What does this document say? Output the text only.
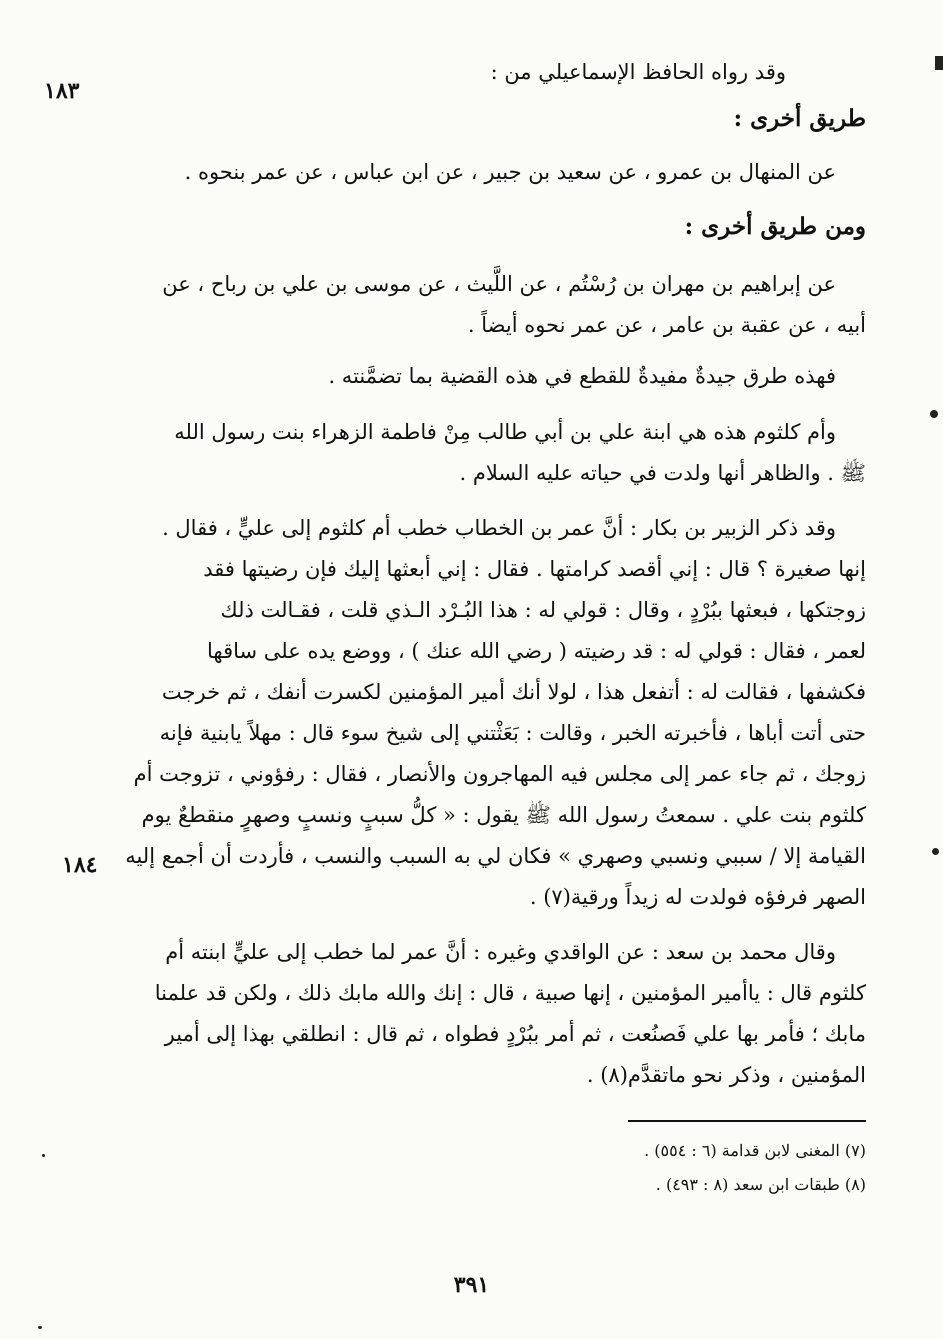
١٨٣
١٨٤
وقد رواه الحافظ الإسماعيلي من :
طريق أخرى :
عن المنهال بن عمرو ، عن سعيد بن جبير ، عن ابن عباس ، عن عمر بنحوه .
ومن طريق أخرى :
عن إبراهيم بن مهران بن رُسْتُم ، عن اللَّيث ، عن موسى بن علي بن رباح ، عن
أبيه ، عن عقبة بن عامر ، عن عمر نحوه أيضاً .
فهذه طرق جيدةٌ مفيدةٌ للقطع في هذه القضية بما تضمَّنته .
وأم كلثوم هذه هي ابنة علي بن أبي طالب مِنْ فاطمة الزهراء بنت رسول الله
ﷺ . والظاهر أنها ولدت في حياته عليه السلام .
وقد ذكر الزبير بن بكار : أنَّ عمر بن الخطاب خطب أم كلثوم إلى عليٍّ ، فقال .
إنها صغيرة ؟ قال : إني أقصد كرامتها . فقال : إني أبعثها إليك فإن رضيتها فقد
زوجتكها ، فبعثها ببُرْدٍ ، وقال : قولي له : هذا البُـرْد الـذي قلت ، فقـالت ذلك
لعمر ، فقال : قولي له : قد رضيته ( رضي الله عنك ) ، ووضع يده على ساقها
فكشفها ، فقالت له : أتفعل هذا ، لولا أنك أمير المؤمنين لكسرت أنفك ، ثم خرجت
حتى أتت أباها ، فأخبرته الخبر ، وقالت : بَعَثْتني إلى شيخ سوء قال : مهلاً يابنية فإنه
زوجك ، ثم جاء عمر إلى مجلس فيه المهاجرون والأنصار ، فقال : رفؤوني ، تزوجت أم
كلثوم بنت علي . سمعتُ رسول الله ﷺ يقول : « كلُّ سببٍ ونسبٍ وصهرٍ منقطعٌ يوم
القيامة إلا / سببي ونسبي وصهري » فكان لي به السبب والنسب ، فأردت أن أجمع إليه
الصهر فرفؤه فولدت له زيداً ورقية(٧) .
وقال محمد بن سعد : عن الواقدي وغيره : أنَّ عمر لما خطب إلى عليٍّ ابنته أم
كلثوم قال : ياأمير المؤمنين ، إنها صبية ، قال : إنك والله مابك ذلك ، ولكن قد علمنا
مابك ؛ فأمر بها علي فَصنُعت ، ثم أمر ببُرْدٍ فطواه ، ثم قال : انطلقي بهذا إلى أمير
المؤمنين ، وذكر نحو ماتقدَّم(٨) .
(٧) المغنى لابن قدامة (٦ : ٥٥٤) .
(٨) طبقات ابن سعد (٨ : ٤٩٣) .
٣٩١
